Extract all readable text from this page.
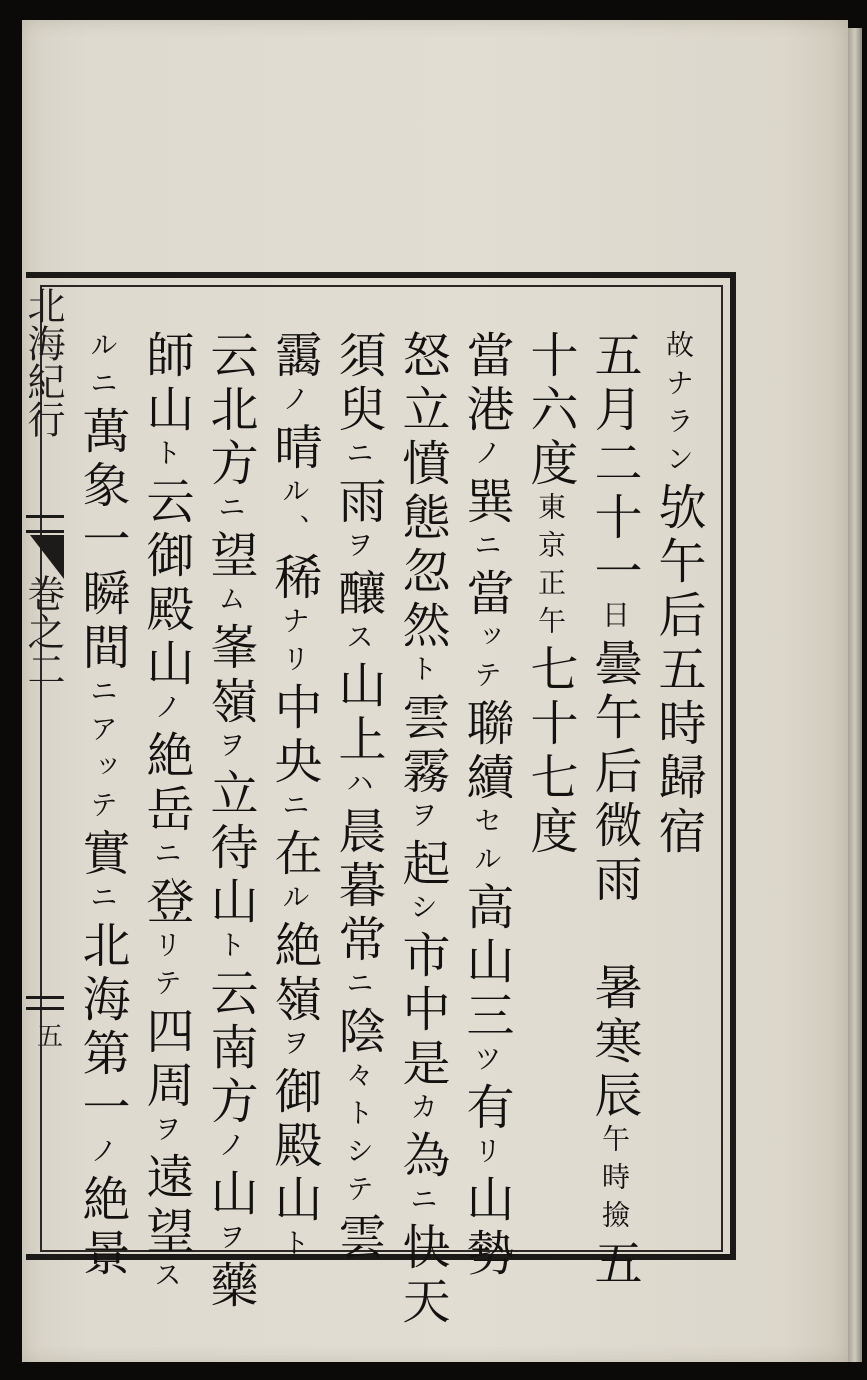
北海紀行
巻之二
五
故ナラン欤午后五時歸宿
五月二十一日曇午后微雨　暑寒辰午時撿五
十六度東京正午七十七度
當港ノ巽ニ當ッテ聯續セル高山三ツ有リ山勢
怒立憤態忽然ト雲霧ヲ起シ市中是カ為ニ快天
須臾ニ雨ヲ釀ス山上ハ晨暮常ニ陰々トシテ雲
靄ノ晴ル、稀ナリ中央ニ在ル絶嶺ヲ御殿山ト
云北方ニ望ム峯嶺ヲ立待山ト云南方ノ山ヲ藥
師山ト云御殿山ノ絶岳ニ登リテ四周ヲ遠望ス
ルニ萬象一瞬間ニアッテ實ニ北海第一ノ絶景
